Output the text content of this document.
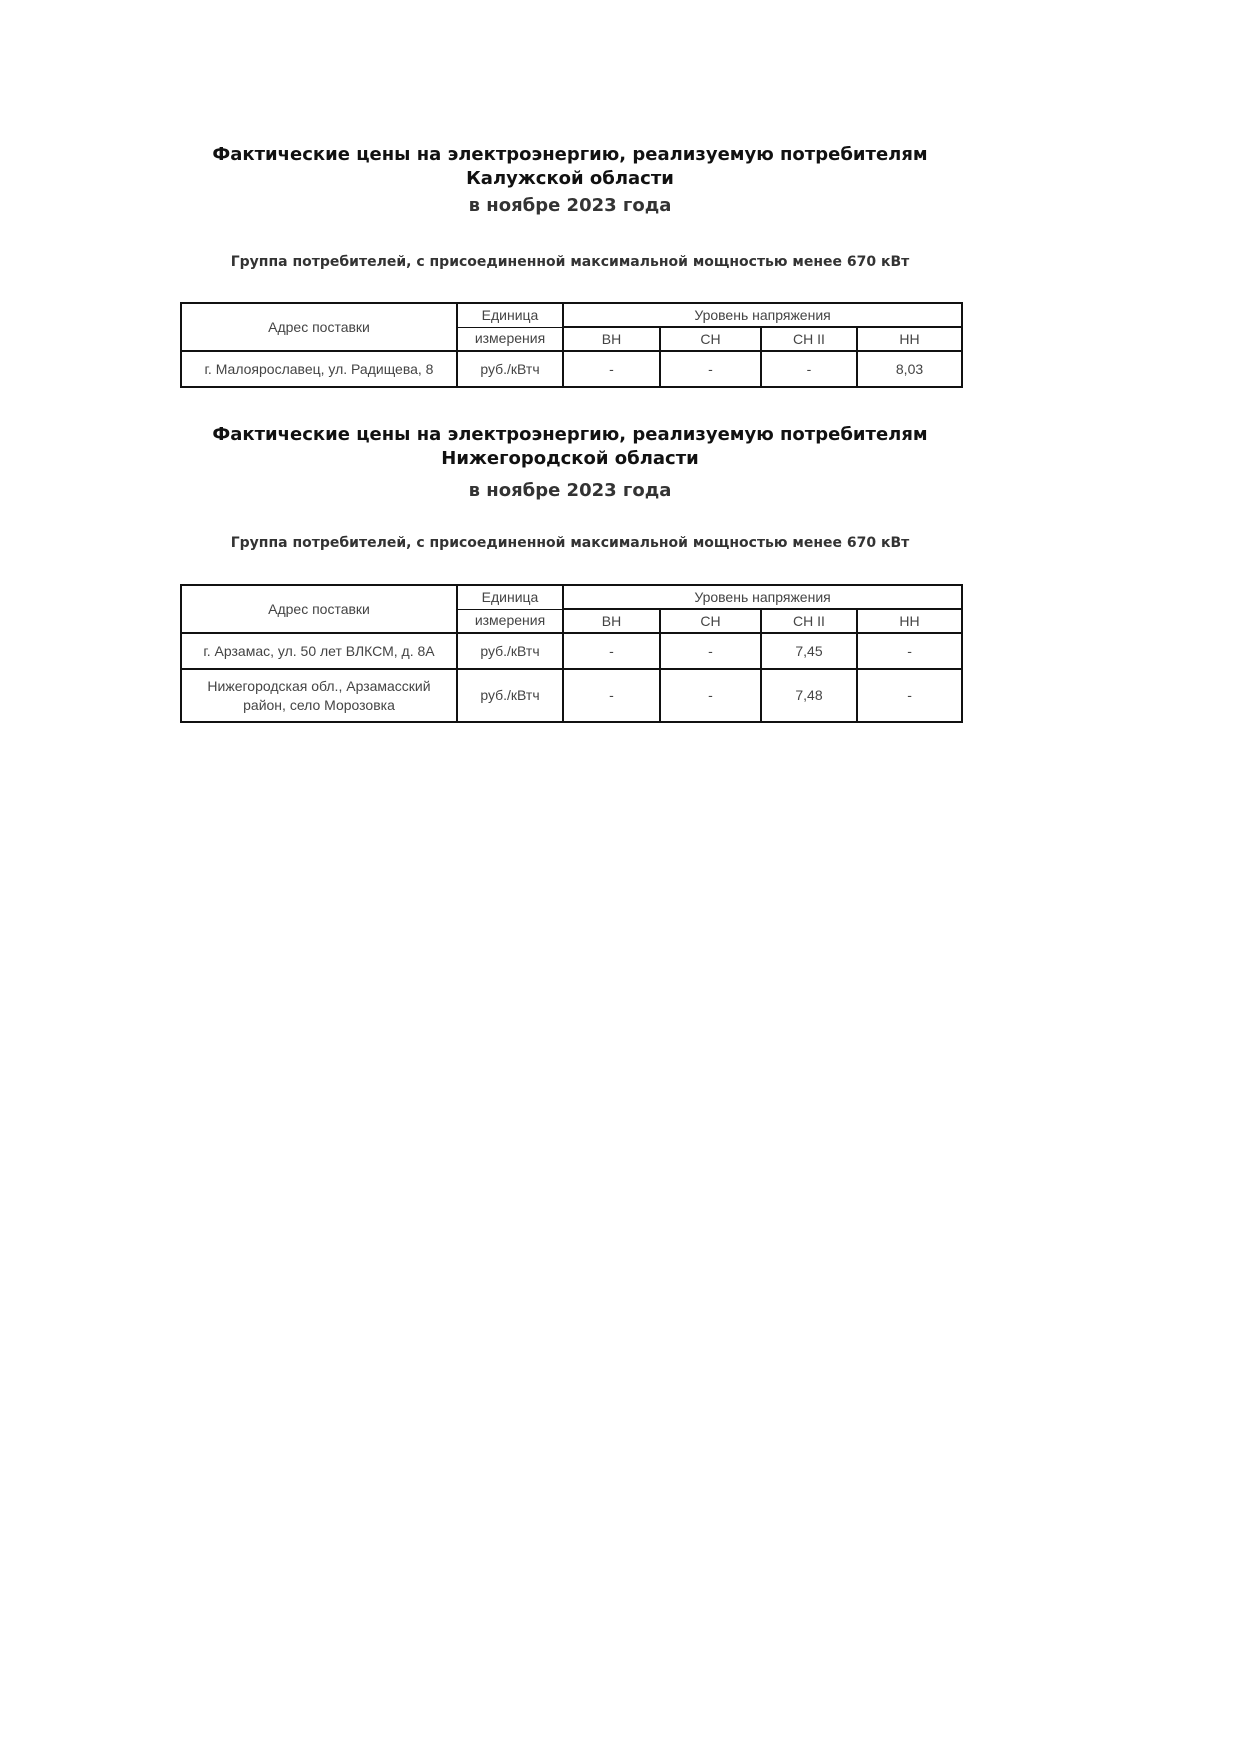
Фактические цены на электроэнергию, реализуемую потребителям Калужской области
в ноябре 2023 года
Группа потребителей, с присоединенной максимальной мощностью менее 670 кВт
Адрес поставки	Единица	Уровень напряжения			
	измерения	ВН	СН	СН II	НН
г. Малоярославец, ул. Радищева, 8	руб./кВтч	-	-	-	8,03
Фактические цены на электроэнергию, реализуемую потребителям Нижегородской области
в ноябре 2023 года
Группа потребителей, с присоединенной максимальной мощностью менее 670 кВт
Адрес поставки	Единица	Уровень напряжения			
	измерения	ВН	СН	СН II	НН
г. Арзамас, ул. 50 лет ВЛКСМ, д. 8А	руб./кВтч	-	-	7,45	-
Нижегородская обл., Арзамасский район, село Морозовка	руб./кВтч	-	-	7,48	-
